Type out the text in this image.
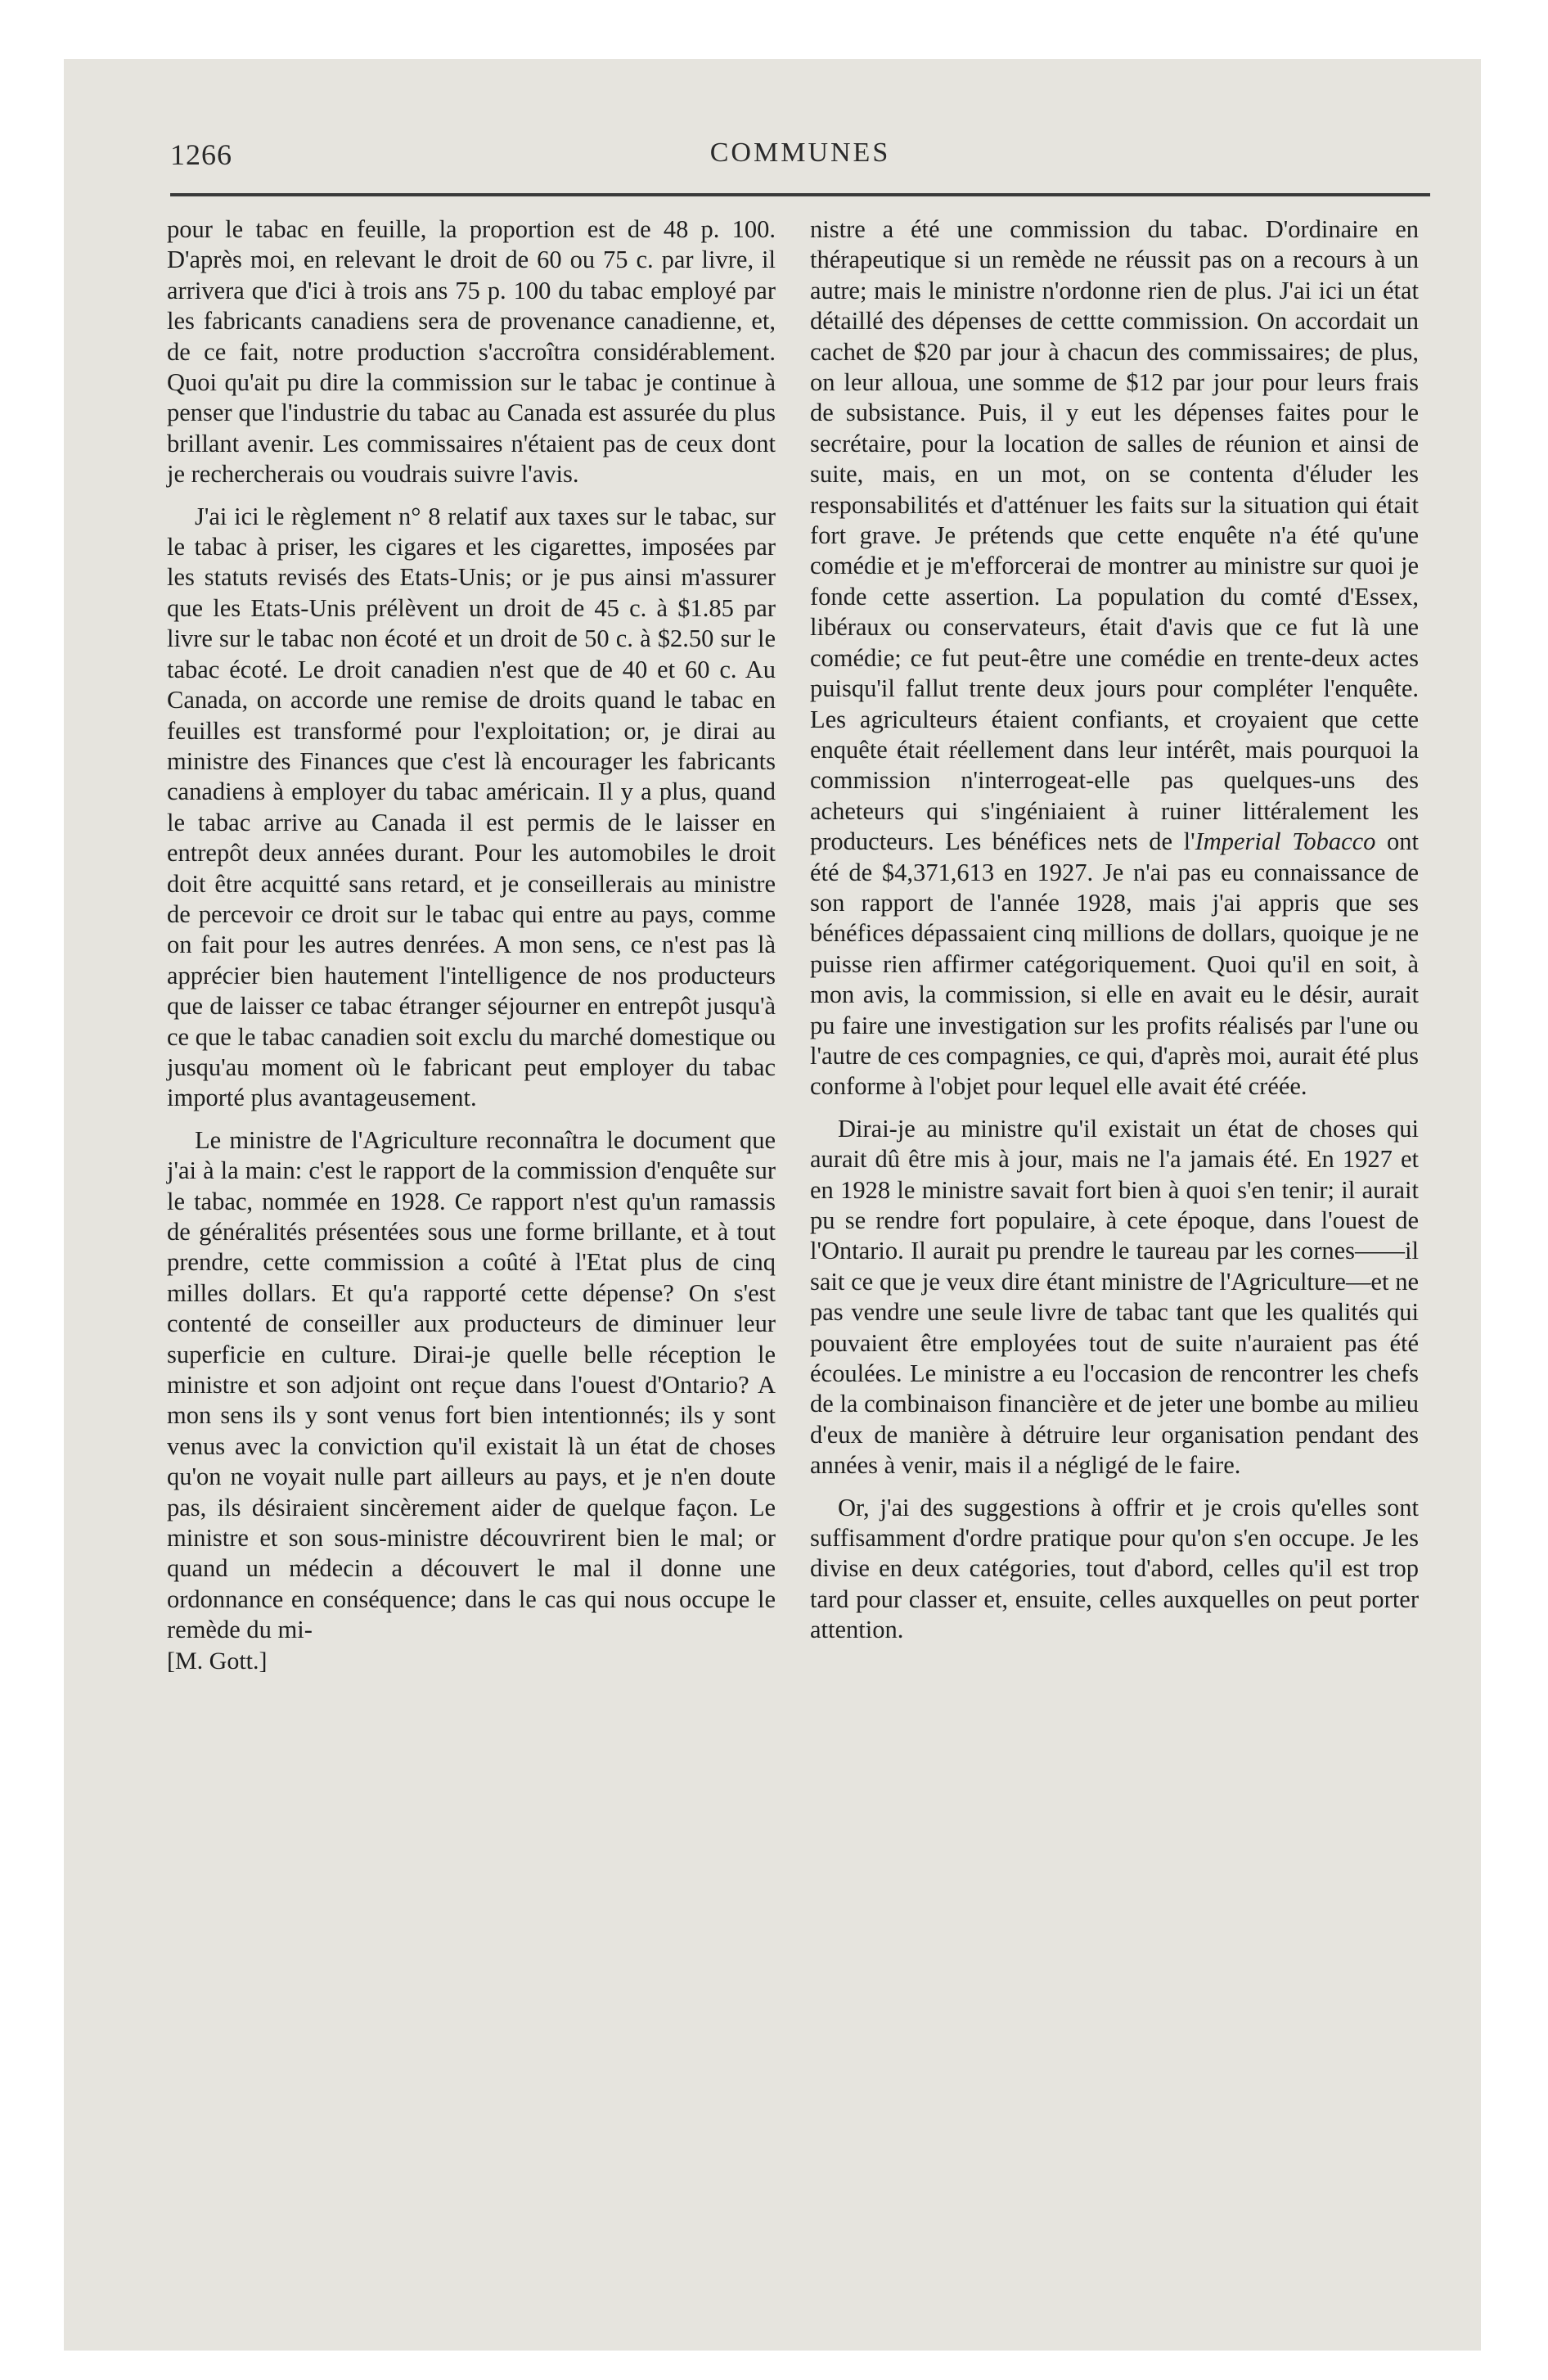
1266	COMMUNES

pour le tabac en feuille, la proportion est de 48 p. 100. D'après moi, en relevant le droit de 60 ou 75 c. par livre, il arrivera que d'ici à trois ans 75 p. 100 du tabac employé par les fabricants canadiens sera de provenance canadienne, et, de ce fait, notre production s'accroîtra considérablement. Quoi qu'ait pu dire la commission sur le tabac je continue à penser que l'industrie du tabac au Canada est assurée du plus brillant avenir. Les commissaires n'étaient pas de ceux dont je rechercherais ou voudrais suivre l'avis.

J'ai ici le règlement n° 8 relatif aux taxes sur le tabac, sur le tabac à priser, les cigares et les cigarettes, imposées par les statuts revisés des Etats-Unis; or je pus ainsi m'assurer que les Etats-Unis prélèvent un droit de 45 c. à $1.85 par livre sur le tabac non écoté et un droit de 50 c. à $2.50 sur le tabac écoté. Le droit canadien n'est que de 40 et 60 c. Au Canada, on accorde une remise de droits quand le tabac en feuilles est transformé pour l'exploitation; or, je dirai au ministre des Finances que c'est là encourager les fabricants canadiens à employer du tabac américain. Il y a plus, quand le tabac arrive au Canada il est permis de le laisser en entrepôt deux années durant. Pour les automobiles le droit doit être acquitté sans retard, et je conseillerais au ministre de percevoir ce droit sur le tabac qui entre au pays, comme on fait pour les autres denrées. A mon sens, ce n'est pas là apprécier bien hautement l'intelligence de nos producteurs que de laisser ce tabac étranger séjourner en entrepôt jusqu'à ce que le tabac canadien soit exclu du marché domestique ou jusqu'au moment où le fabricant peut employer du tabac importé plus avantageusement.

Le ministre de l'Agriculture reconnaîtra le document que j'ai à la main: c'est le rapport de la commission d'enquête sur le tabac, nommée en 1928. Ce rapport n'est qu'un ramassis de généralités présentées sous une forme brillante, et à tout prendre, cette commission a coûté à l'Etat plus de cinq milles dollars. Et qu'a rapporté cette dépense? On s'est contenté de conseiller aux producteurs de diminuer leur superficie en culture. Dirai-je quelle belle réception le ministre et son adjoint ont reçue dans l'ouest d'Ontario? A mon sens ils y sont venus fort bien intentionnés; ils y sont venus avec la conviction qu'il existait là un état de choses qu'on ne voyait nulle part ailleurs au pays, et je n'en doute pas, ils désiraient sincèrement aider de quelque façon. Le ministre et son sous-ministre découvrirent bien le mal; or quand un médecin a découvert le mal il donne une ordonnance en conséquence; dans le cas qui nous occupe le remède du mi-

[M. Gott.]

nistre a été une commission du tabac. D'ordinaire en thérapeutique si un remède ne réussit pas on a recours à un autre; mais le ministre n'ordonne rien de plus. J'ai ici un état détaillé des dépenses de cettte commission. On accordait un cachet de $20 par jour à chacun des commissaires; de plus, on leur alloua, une somme de $12 par jour pour leurs frais de subsistance. Puis, il y eut les dépenses faites pour le secrétaire, pour la location de salles de réunion et ainsi de suite, mais, en un mot, on se contenta d'éluder les responsabilités et d'atténuer les faits sur la situation qui était fort grave. Je prétends que cette enquête n'a été qu'une comédie et je m'efforcerai de montrer au ministre sur quoi je fonde cette assertion. La population du comté d'Essex, libéraux ou conservateurs, était d'avis que ce fut là une comédie; ce fut peut-être une comédie en trente-deux actes puisqu'il fallut trente deux jours pour compléter l'enquête. Les agriculteurs étaient confiants, et croyaient que cette enquête était réellement dans leur intérêt, mais pourquoi la commission n'interrogeat-elle pas quelques-uns des acheteurs qui s'ingéniaient à ruiner littéralement les producteurs. Les bénéfices nets de l'Imperial Tobacco ont été de $4,371,613 en 1927. Je n'ai pas eu connaissance de son rapport de l'année 1928, mais j'ai appris que ses bénéfices dépassaient cinq millions de dollars, quoique je ne puisse rien affirmer catégoriquement. Quoi qu'il en soit, à mon avis, la commission, si elle en avait eu le désir, aurait pu faire une investigation sur les profits réalisés par l'une ou l'autre de ces compagnies, ce qui, d'après moi, aurait été plus conforme à l'objet pour lequel elle avait été créée.

Dirai-je au ministre qu'il existait un état de choses qui aurait dû être mis à jour, mais ne l'a jamais été. En 1927 et en 1928 le ministre savait fort bien à quoi s'en tenir; il aurait pu se rendre fort populaire, à cete époque, dans l'ouest de l'Ontario. Il aurait pu prendre le taureau par les cornes——il sait ce que je veux dire étant ministre de l'Agriculture—et ne pas vendre une seule livre de tabac tant que les qualités qui pouvaient être employées tout de suite n'auraient pas été écoulées. Le ministre a eu l'occasion de rencontrer les chefs de la combinaison financière et de jeter une bombe au milieu d'eux de manière à détruire leur organisation pendant des années à venir, mais il a négligé de le faire.

Or, j'ai des suggestions à offrir et je crois qu'elles sont suffisamment d'ordre pratique pour qu'on s'en occupe. Je les divise en deux catégories, tout d'abord, celles qu'il est trop tard pour classer et, ensuite, celles auxquelles on peut porter attention.
